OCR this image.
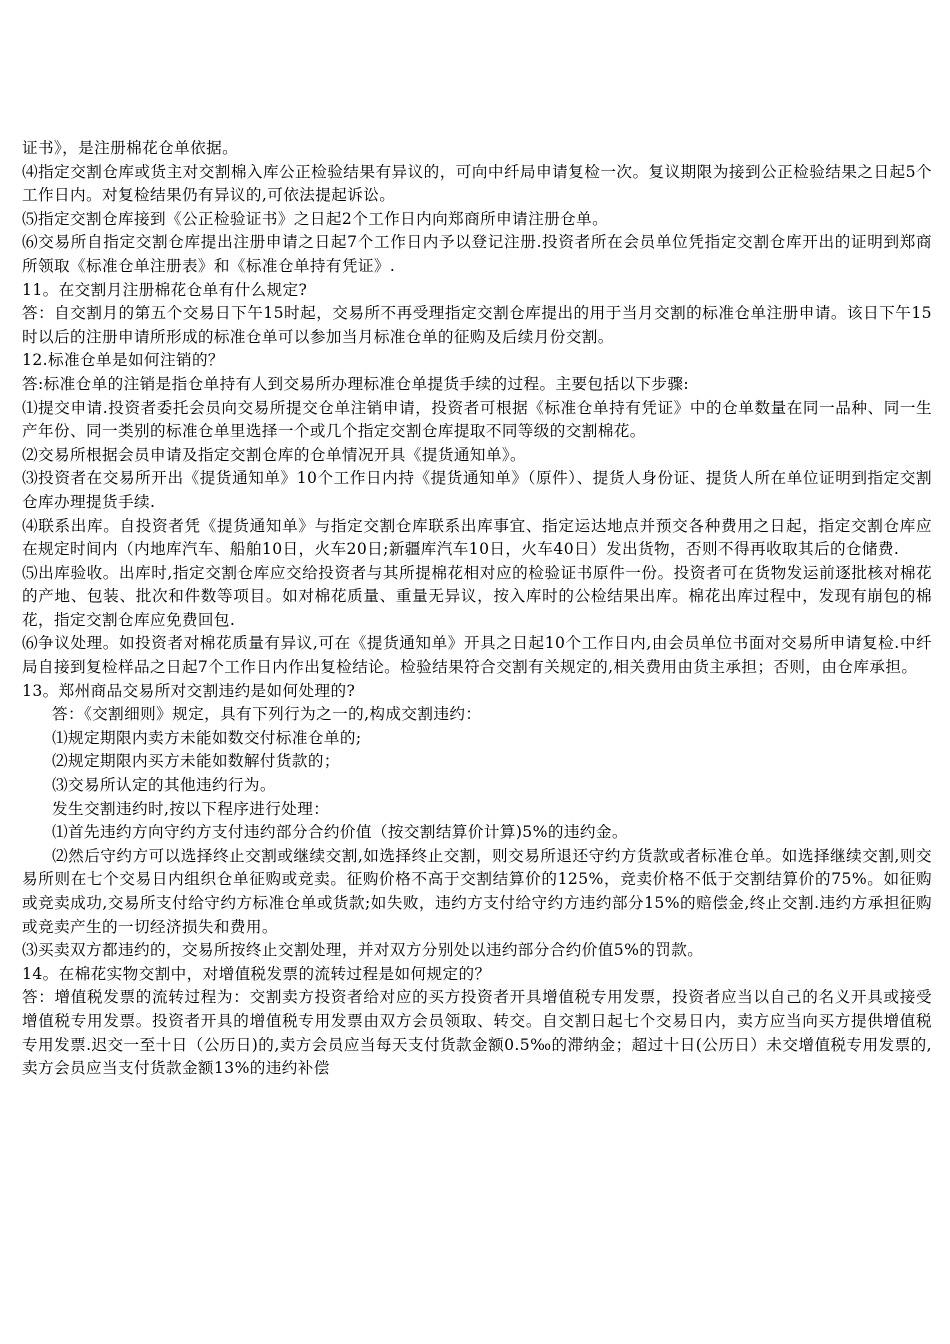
证书》，是注册棉花仓单依据。

⑷指定交割仓库或货主对交割棉入库公正检验结果有异议的，可向中纤局申请复检一次。复议期限为接到公正检验结果之日起5个工作日内。对复检结果仍有异议的,可依法提起诉讼。

⑸指定交割仓库接到《公正检验证书》之日起2个工作日内向郑商所申请注册仓单。

⑹交易所自指定交割仓库提出注册申请之日起7个工作日内予以登记注册.投资者所在会员单位凭指定交割仓库开出的证明到郑商所领取《标准仓单注册表》和《标准仓单持有凭证》.

11。在交割月注册棉花仓单有什么规定?

答：自交割月的第五个交易日下午15时起，交易所不再受理指定交割仓库提出的用于当月交割的标准仓单注册申请。该日下午15时以后的注册申请所形成的标准仓单可以参加当月标准仓单的征购及后续月份交割。

12.标准仓单是如何注销的？

答:标准仓单的注销是指仓单持有人到交易所办理标准仓单提货手续的过程。主要包括以下步骤:

⑴提交申请.投资者委托会员向交易所提交仓单注销申请，投资者可根据《标准仓单持有凭证》中的仓单数量在同一品种、同一生产年份、同一类别的标准仓单里选择一个或几个指定交割仓库提取不同等级的交割棉花。

⑵交易所根据会员申请及指定交割仓库的仓单情况开具《提货通知单》。

⑶投资者在交易所开出《提货通知单》10个工作日内持《提货通知单》（原件）、提货人身份证、提货人所在单位证明到指定交割仓库办理提货手续.

⑷联系出库。自投资者凭《提货通知单》与指定交割仓库联系出库事宜、指定运达地点并预交各种费用之日起，指定交割仓库应在规定时间内（内地库汽车、船舶10日，火车20日;新疆库汽车10日，火车40日）发出货物，否则不得再收取其后的仓储费.

⑸出库验收。出库时,指定交割仓库应交给投资者与其所提棉花相对应的检验证书原件一份。投资者可在货物发运前逐批核对棉花的产地、包装、批次和件数等项目。如对棉花质量、重量无异议，按入库时的公检结果出库。棉花出库过程中，发现有崩包的棉花，指定交割仓库应免费回包.

⑹争议处理。如投资者对棉花质量有异议,可在《提货通知单》开具之日起10个工作日内,由会员单位书面对交易所申请复检.中纤局自接到复检样品之日起7个工作日内作出复检结论。检验结果符合交割有关规定的,相关费用由货主承担；否则，由仓库承担。

13。郑州商品交易所对交割违约是如何处理的?

答：《交割细则》规定，具有下列行为之一的,构成交割违约：

⑴规定期限内卖方未能如数交付标准仓单的;

⑵规定期限内买方未能如数解付货款的；

⑶交易所认定的其他违约行为。

发生交割违约时,按以下程序进行处理：

⑴首先违约方向守约方支付违约部分合约价值（按交割结算价计算)5%的违约金。

⑵然后守约方可以选择终止交割或继续交割,如选择终止交割，则交易所退还守约方货款或者标准仓单。如选择继续交割,则交易所则在七个交易日内组织仓单征购或竞卖。征购价格不高于交割结算价的125%，竞卖价格不低于交割结算价的75%。如征购或竞卖成功,交易所支付给守约方标准仓单或货款;如失败，违约方支付给守约方违约部分15%的赔偿金,终止交割.违约方承担征购或竞卖产生的一切经济损失和费用。

⑶买卖双方都违约的，交易所按终止交割处理，并对双方分别处以违约部分合约价值5%的罚款。

14。在棉花实物交割中，对增值税发票的流转过程是如何规定的？

答：增值税发票的流转过程为：交割卖方投资者给对应的买方投资者开具增值税专用发票，投资者应当以自己的名义开具或接受增值税专用发票。投资者开具的增值税专用发票由双方会员领取、转交。自交割日起七个交易日内，卖方应当向买方提供增值税专用发票.迟交一至十日（公历日)的,卖方会员应当每天支付货款金额0.5‰的滞纳金；超过十日(公历日）未交增值税专用发票的,卖方会员应当支付货款金额13%的违约补偿
